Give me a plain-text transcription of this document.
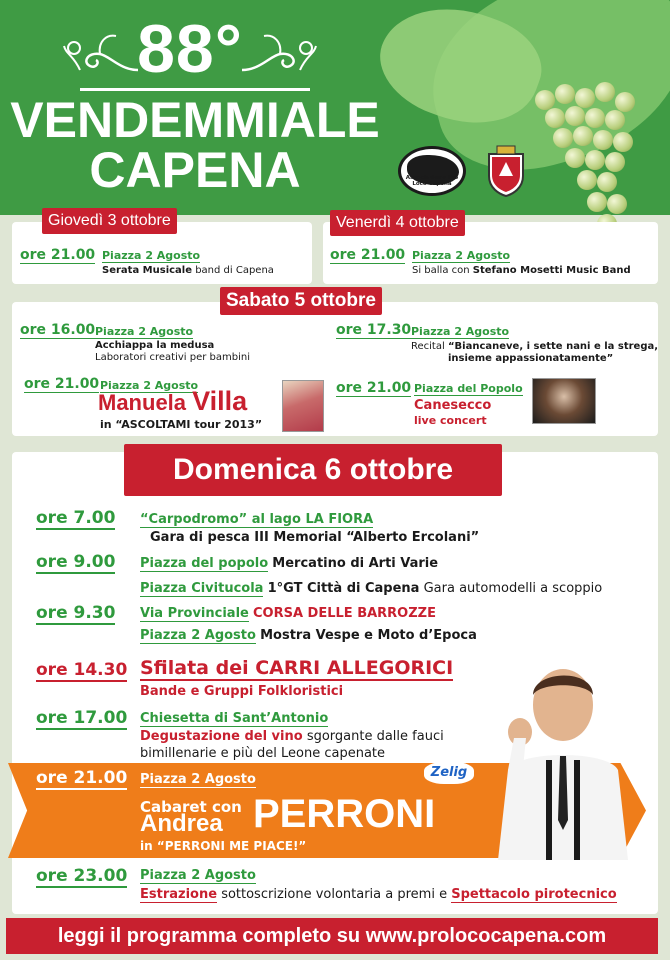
88°
VENDEMMIALE
CAPENA	Associazione Pro Loco Capena
Giovedì 3 ottobre	Venerdì 4 ottobre
ore 21.00 Piazza 2 Agosto
Serata Musicale band di Capena
ore 21.00 Piazza 2 Agosto
Si balla con Stefano Mosetti Music Band
Sabato 5 ottobre
ore 16.00 Piazza 2 Agosto
Acchiappa la medusa
Laboratori creativi per bambini
ore 17.30 Piazza 2 Agosto
Recital “Biancaneve, i sette nani e la strega,
insieme appassionatamente”
ore 21.00 Piazza 2 Agosto
Manuela Villa
in “ASCOLTAMI tour 2013”
ore 21.00 Piazza del Popolo
Canesecco
live concert
Domenica 6 ottobre
ore 7.00 “Carpodromo” al lago LA FIORA
Gara di pesca III Memorial “Alberto Ercolani”
ore 9.00 Piazza del popolo Mercatino di Arti Varie
Piazza Civitucola 1°GT Città di Capena Gara automodelli a scoppio
ore 9.30 Via Provinciale CORSA DELLE BARROZZE
Piazza 2 Agosto Mostra Vespe e Moto d’Epoca
ore 14.30 Sfilata dei CARRI ALLEGORICI
Bande e Gruppi Folkloristici
ore 17.00 Chiesetta di Sant’Antonio
Degustazione del vino sgorgante dalle fauci
bimillenarie e più del Leone capenate
ore 21.00 Piazza 2 Agosto
Cabaret con
Andrea PERRONI
in “PERRONI ME PIACE!”
Zelig
ore 23.00 Piazza 2 Agosto
Estrazione sottoscrizione volontaria a premi e Spettacolo pirotecnico
leggi il programma completo su www.prolococapena.com
